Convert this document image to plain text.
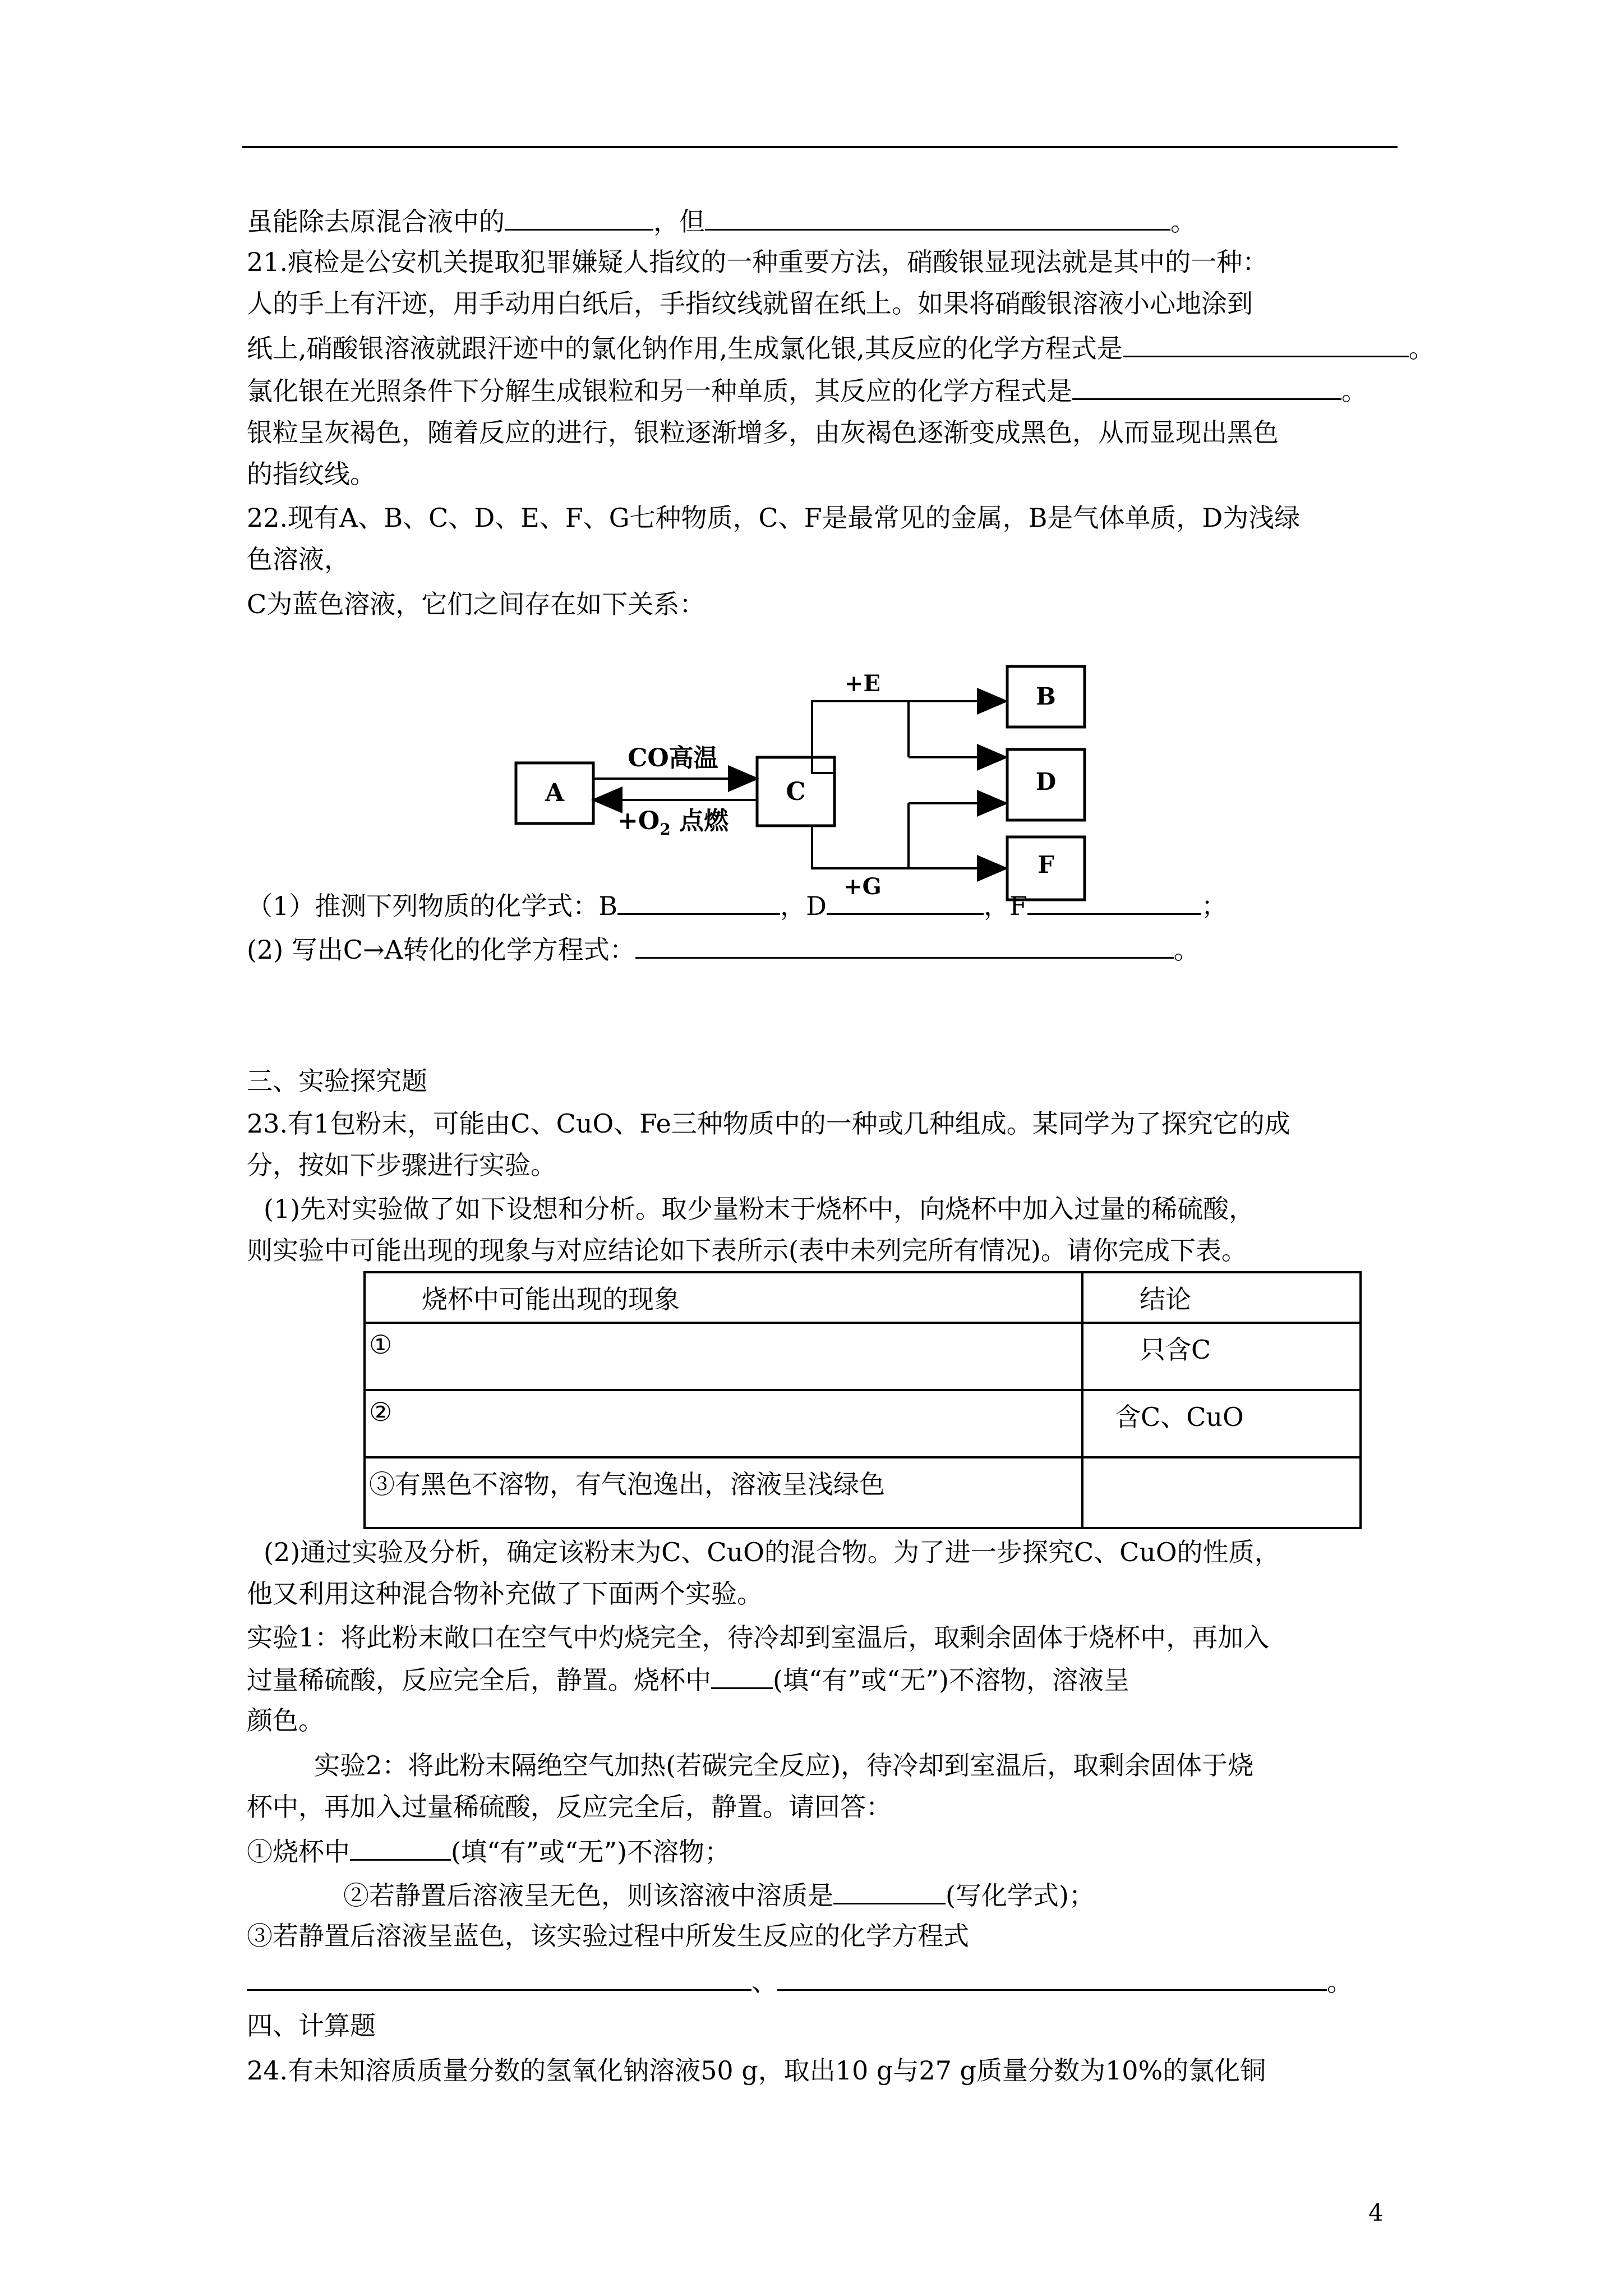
虽能除去原混合液中的	，但	。
21.痕检是公安机关提取犯罪嫌疑人指纹的一种重要方法，硝酸银显现法就是其中的一种：
人的手上有汗迹，用手动用白纸后，手指纹线就留在纸上。如果将硝酸银溶液小心地涂到
纸上,硝酸银溶液就跟汗迹中的氯化钠作用,生成氯化银,其反应的化学方程式是	。
氯化银在光照条件下分解生成银粒和另一种单质，其反应的化学方程式是	。
银粒呈灰褐色，随着反应的进行，银粒逐渐增多，由灰褐色逐渐变成黑色，从而显现出黑色
的指纹线。
22.现有A、B、C、D、E、F、G七种物质，C、F是最常见的金属，B是气体单质，D为浅绿
色溶液，
C为蓝色溶液，它们之间存在如下关系：
A	C
CO高温
$+O_2$ 点燃
+E
+G
B
D
F
（1）推测下列物质的化学式：B	，D	，F	；
(2) 写出C→A转化的化学方程式：	。
三、实验探究题
23.有1包粉末，可能由C、CuO、Fe三种物质中的一种或几种组成。某同学为了探究它的成
分，按如下步骤进行实验。
(1)先对实验做了如下设想和分析。取少量粉末于烧杯中，向烧杯中加入过量的稀硫酸，
则实验中可能出现的现象与对应结论如下表所示(表中未列完所有情况)。请你完成下表。
烧杯中可能出现的现象	结论
①	只含C
②	含C、CuO
③有黑色不溶物，有气泡逸出，溶液呈浅绿色	
(2)通过实验及分析，确定该粉末为C、CuO的混合物。为了进一步探究C、CuO的性质，
他又利用这种混合物补充做了下面两个实验。
实验1：将此粉末敞口在空气中灼烧完全，待冷却到室温后，取剩余固体于烧杯中，再加入
过量稀硫酸，反应完全后，静置。烧杯中 (填“有”或“无”)不溶物，溶液呈
颜色。
实验2：将此粉末隔绝空气加热(若碳完全反应)，待冷却到室温后，取剩余固体于烧
杯中，再加入过量稀硫酸，反应完全后，静置。请回答：
①烧杯中	(填“有”或“无”)不溶物；
②若静置后溶液呈无色，则该溶液中溶质是	(写化学式)；
③若静置后溶液呈蓝色，该实验过程中所发生反应的化学方程式
、	。
四、计算题
24.有未知溶质质量分数的氢氧化钠溶液50 g，取出10 g与27 g质量分数为10%的氯化铜
4
